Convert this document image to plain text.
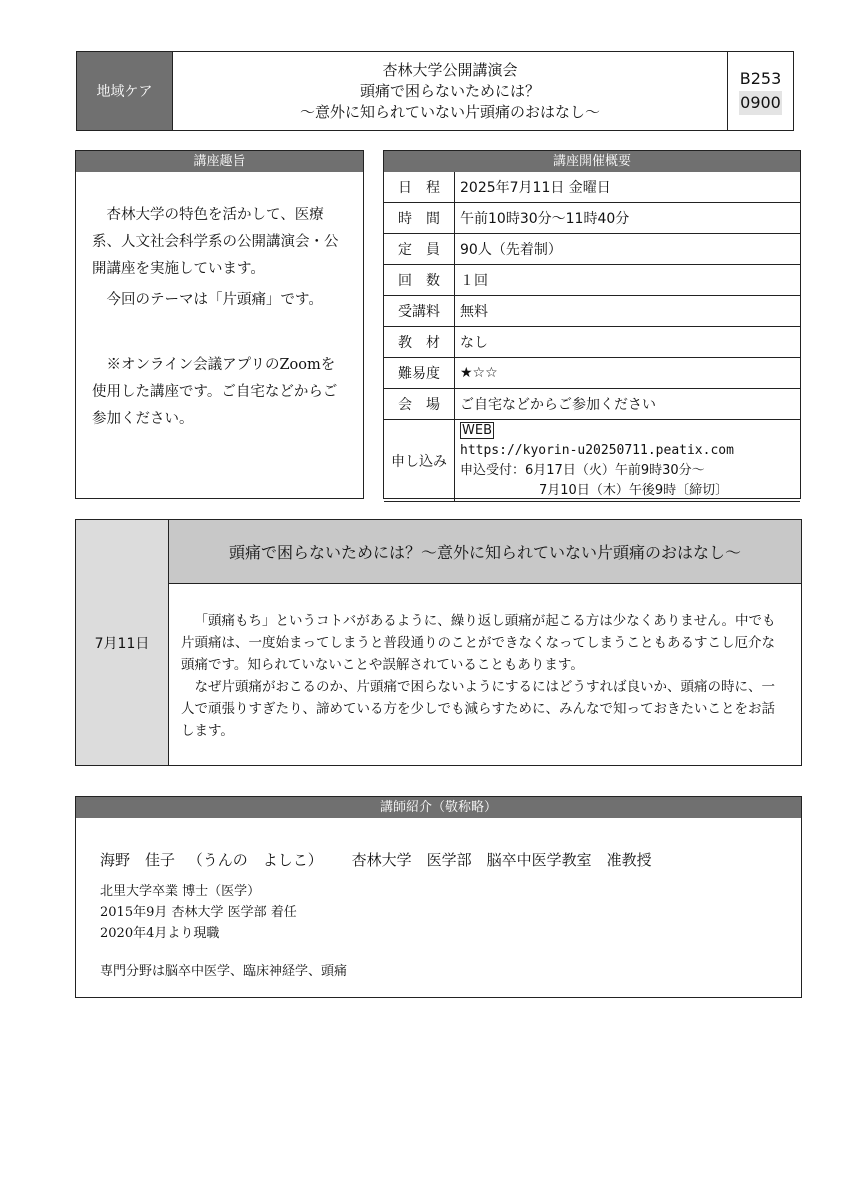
地域ケア
杏林大学公開講演会
頭痛で困らないためには？
～意外に知られていない片頭痛のおはなし～
B253
0900
講座趣旨

杏林大学の特色を活かして、医療系、人文社会科学系の公開講演会・公開講座を実施しています。

今回のテーマは「片頭痛」です。

※オンライン会議アプリのZoomを使用した講座です。ご自宅などからご参加ください。

講座開催概要
日　程	2025年7月11日 金曜日
時　間	午前10時30分～11時40分
定　員	90人（先着制）
回　数	１回
受講料	無料
教　材	なし
難易度	★☆☆
会　場	ご自宅などからご参加ください
申し込み	WEB
https://kyorin-u20250711.peatix.com
申込受付：6月17日（火）午前9時30分～
7月10日（木）午後9時〔締切〕
7月11日
頭痛で困らないためには？～意外に知られていない片頭痛のおはなし～

「頭痛もち」というコトバがあるように、繰り返し頭痛が起こる方は少なくありません。中でも片頭痛は、一度始まってしまうと普段通りのことができなくなってしまうこともあるすこし厄介な頭痛です。知られていないことや誤解されていることもあります。

なぜ片頭痛がおこるのか、片頭痛で困らないようにするにはどうすれば良いか、頭痛の時に、一人で頑張りすぎたり、諦めている方を少しでも減らすために、みんなで知っておきたいことをお話します。

講師紹介（敬称略）
海野　佳子 （うんの　よしこ） 杏林大学　医学部　脳卒中医学教室　准教授
北里大学卒業 博士（医学）
2015年9月 杏林大学 医学部 着任
2020年4月より現職
専門分野は脳卒中医学、臨床神経学、頭痛
